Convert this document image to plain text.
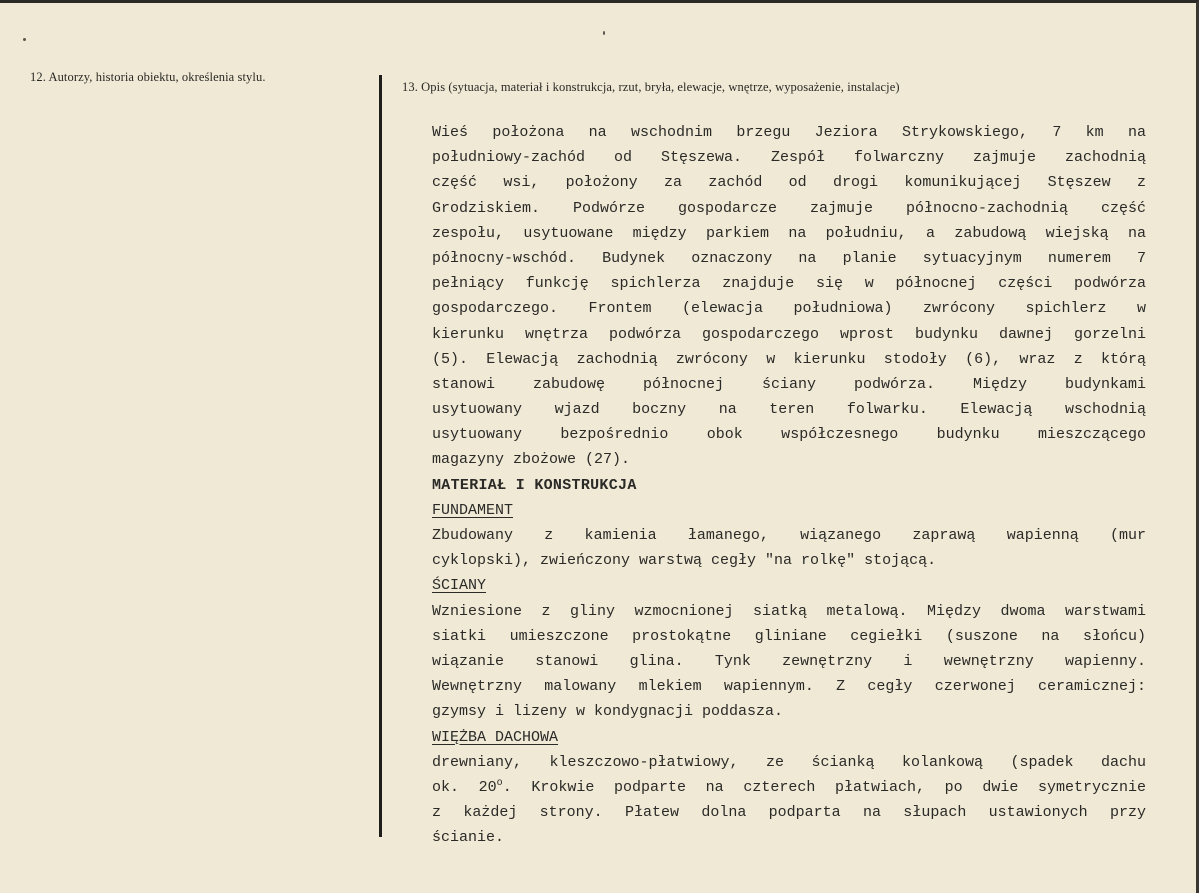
12. Autorzy, historia obiektu, określenia stylu.
13. Opis (sytuacja, materiał i konstrukcja, rzut, bryła, elewacje, wnętrze, wyposażenie, instalacje)
Wieś położona na wschodnim brzegu Jeziora Strykowskiego, 7 km na
południowy-zachód od Stęszewa. Zespół folwarczny zajmuje zachodnią
część wsi, położony za zachód od drogi komunikującej Stęszew z
Grodziskiem. Podwórze gospodarcze zajmuje północno-zachodnią część
zespołu, usytuowane między parkiem na południu, a zabudową wiejską na
północny-wschód. Budynek oznaczony na planie sytuacyjnym numerem 7
pełniący funkcję spichlerza znajduje się w północnej części podwórza
gospodarczego. Frontem (elewacja południowa) zwrócony spichlerz w
kierunku wnętrza podwórza gospodarczego wprost budynku dawnej gorzelni
(5). Elewacją zachodnią zwrócony w kierunku stodoły (6), wraz z którą
stanowi zabudowę północnej ściany podwórza. Między budynkami
usytuowany wjazd boczny na teren folwarku. Elewacją wschodnią
usytuowany bezpośrednio obok współczesnego budynku mieszczącego
magazyny zbożowe (27).
MATERIAŁ I KONSTRUKCJA
FUNDAMENT
Zbudowany z kamienia łamanego, wiązanego zaprawą wapienną (mur
cyklopski), zwieńczony warstwą cegły "na rolkę" stojącą.
ŚCIANY
Wzniesione z gliny wzmocnionej siatką metalową. Między dwoma warstwami
siatki umieszczone prostokątne gliniane cegiełki (suszone na słońcu)
wiązanie stanowi glina. Tynk zewnętrzny i wewnętrzny wapienny.
Wewnętrzny malowany mlekiem wapiennym. Z cegły czerwonej ceramicznej:
gzymsy i lizeny w kondygnacji poddasza.
WIĘŻBA DACHOWA
drewniany, kleszczowo-płatwiowy, ze ścianką kolankową (spadek dachu
ok. 20$^o$. Krokwie podparte na czterech płatwiach, po dwie symetrycznie
z każdej strony. Płatew dolna podparta na słupach ustawionych przy
ścianie.
